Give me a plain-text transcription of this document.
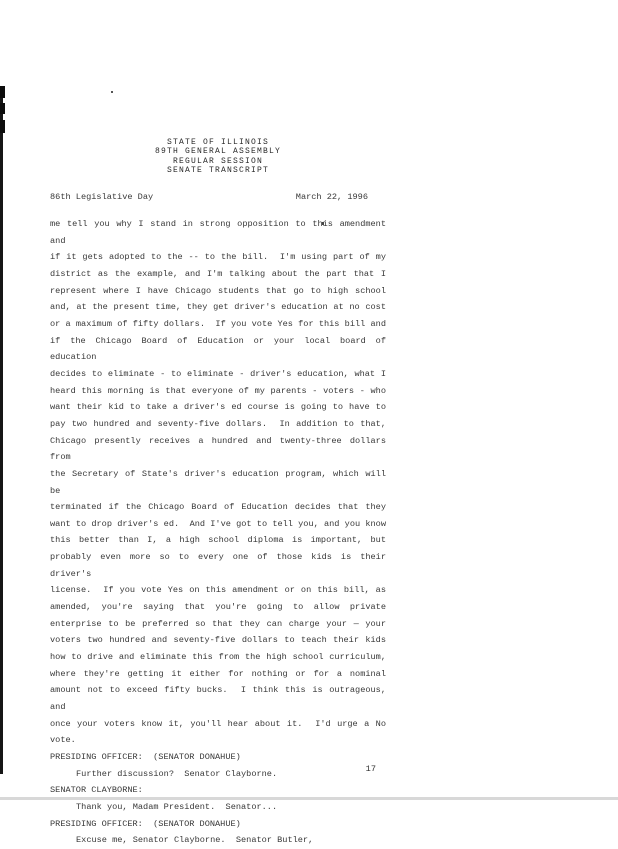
STATE OF ILLINOIS
89TH GENERAL ASSEMBLY
REGULAR SESSION
SENATE TRANSCRIPT
86th Legislative Day	March 22, 1996
me tell you why I stand in strong opposition to this amendment and
if it gets adopted to the -- to the bill.  I'm using part of my
district as the example, and I'm talking about the part that I
represent where I have Chicago students that go to high school
and, at the present time, they get driver's education at no cost
or a maximum of fifty dollars.  If you vote Yes for this bill and
if the Chicago Board of Education or your local board of education
decides to eliminate - to eliminate - driver's education, what I
heard this morning is that everyone of my parents - voters - who
want their kid to take a driver's ed course is going to have to
pay two hundred and seventy-five dollars.  In addition to that,
Chicago presently receives a hundred and twenty-three dollars from
the Secretary of State's driver's education program, which will be
terminated if the Chicago Board of Education decides that they
want to drop driver's ed.  And I've got to tell you, and you know
this better than I, a high school diploma is important, but
probably even more so to every one of those kids is their driver's
license.  If you vote Yes on this amendment or on this bill, as
amended, you're saying that you're going to allow private
enterprise to be preferred so that they can charge your — your
voters two hundred and seventy-five dollars to teach their kids
how to drive and eliminate this from the high school curriculum,
where they're getting it either for nothing or for a nominal
amount not to exceed fifty bucks.  I think this is outrageous, and
once your voters know it, you'll hear about it.  I'd urge a No
vote.
PRESIDING OFFICER:  (SENATOR DONAHUE)
Further discussion?  Senator Clayborne.
SENATOR CLAYBORNE:
Thank you, Madam President.  Senator...
PRESIDING OFFICER:  (SENATOR DONAHUE)
Excuse me, Senator Clayborne.  Senator Butler,
17
